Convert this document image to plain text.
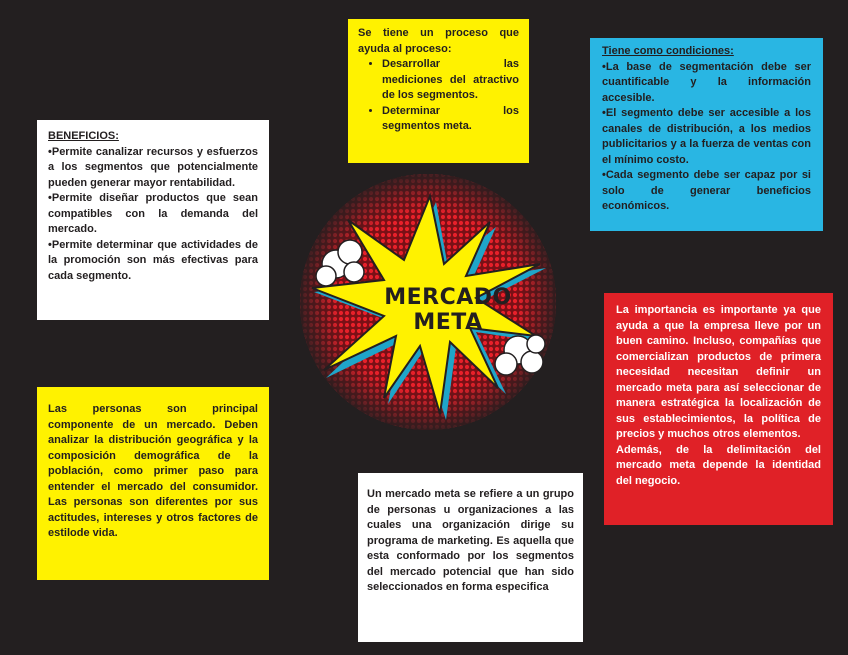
MERCADO
META

Se tiene un proceso que ayuda al proceso:

• Desarrollar las mediciones del atractivo de los segmentos.
• Determinar los segmentos meta.

BENEFICIOS:

•Permite canalizar recursos y esfuerzos a los segmentos que potencialmente pueden generar mayor rentabilidad.

•Permite diseñar productos que sean compatibles con la demanda del mercado.

•Permite determinar que actividades de la promoción son más efectivas para cada segmento.

Tiene como condiciones:

•La base de segmentación debe ser cuantificable y la información accesible.

•El segmento debe ser accesible a los canales de distribución, a los medios publicitarios y a la fuerza de ventas con el mínimo costo.

•Cada segmento debe ser capaz por si solo de generar beneficios económicos.

La importancia es importante ya que ayuda a que la empresa lleve por un buen camino. Incluso, compañías que comercializan productos de primera necesidad necesitan definir un mercado meta para así seleccionar de manera estratégica la localización de sus establecimientos, la política de precios y muchos otros elementos.

Además, de la delimitación del mercado meta depende la identidad del negocio.

Las personas son principal componente de un mercado. Deben analizar la distribución geográfica y la composición demográfica de la población, como primer paso para entender el mercado del consumidor. Las personas son diferentes por sus actitudes, intereses y otros factores de estilode vida.

Un mercado meta se refiere a un grupo de personas u organizaciones a las cuales una organización dirige su programa de marketing. Es aquella que esta conformado por los segmentos del mercado potencial que han sido seleccionados en forma especifica
